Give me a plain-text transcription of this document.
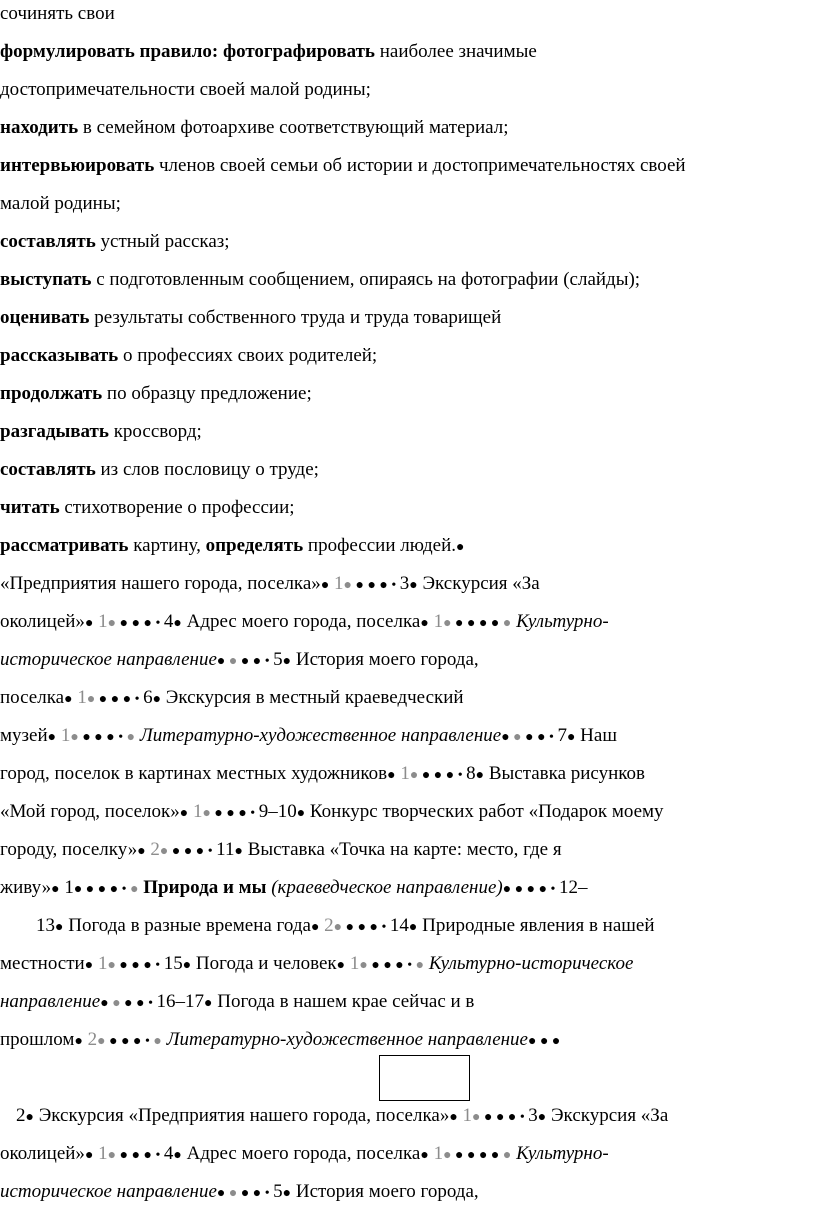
сочинять свои
формулировать правило: фотографировать наиболее значимые
достопримечательности своей малой родины;
находить в семейном фотоархиве соответствующий материал;
интервьюировать членов своей семьи об истории и достопримечательностях своей
малой родины;
составлять устный рассказ;
выступать с подготовленным сообщением, опираясь на фотографии (слайды);
оценивать результаты собственного труда и труда товарищей
рассказывать о профессиях своих родителей;
продолжать по образцу предложение;
разгадывать кроссворд;
составлять из слов пословицу о труде;
читать стихотворение о профессии;
рассматривать картину, определять профессии людей.●
«Предприятия нашего города, поселка»● 1● ● ● ● • 3● Экскурсия «За
околицей»● 1● ● ● ● • 4● Адрес моего города, поселка● 1● ● ● ● ● ● Культурно-
историческое направление● ● ● ● • 5● История моего города,
поселка● 1● ● ● ● • 6● Экскурсия в местный краеведческий
музей● 1● ● ● ● • ● Литературно-художественное направление● ● ● ● • 7● Наш
город, поселок в картинах местных художников● 1● ● ● ● • 8● Выставка рисунков
«Мой город, поселок»● 1● ● ● ● • 9–10● Конкурс творческих работ «Подарок моему
городу, поселку»● 2● ● ● ● • 11● Выставка «Точка на карте: место, где я
живу»● 1● ● ● ● • ● Природа и мы (краеведческое направление)● ● ● ● • 12–
13● Погода в разные времена года● 2● ● ● ● • 14● Природные явления в нашей
местности● 1● ● ● ● • 15● Погода и человек● 1● ● ● ● • ● Культурно-историческое
направление● ● ● ● • 16–17● Погода в нашем крае сейчас и в
прошлом● 2● ● ● ● • ● Литературно-художественное направление● ● ●
2● Экскурсия «Предприятия нашего города, поселка»● 1● ● ● ● • 3● Экскурсия «За
околицей»● 1● ● ● ● • 4● Адрес моего города, поселка● 1● ● ● ● ● ● Культурно-
историческое направление● ● ● ● • 5● История моего города,
